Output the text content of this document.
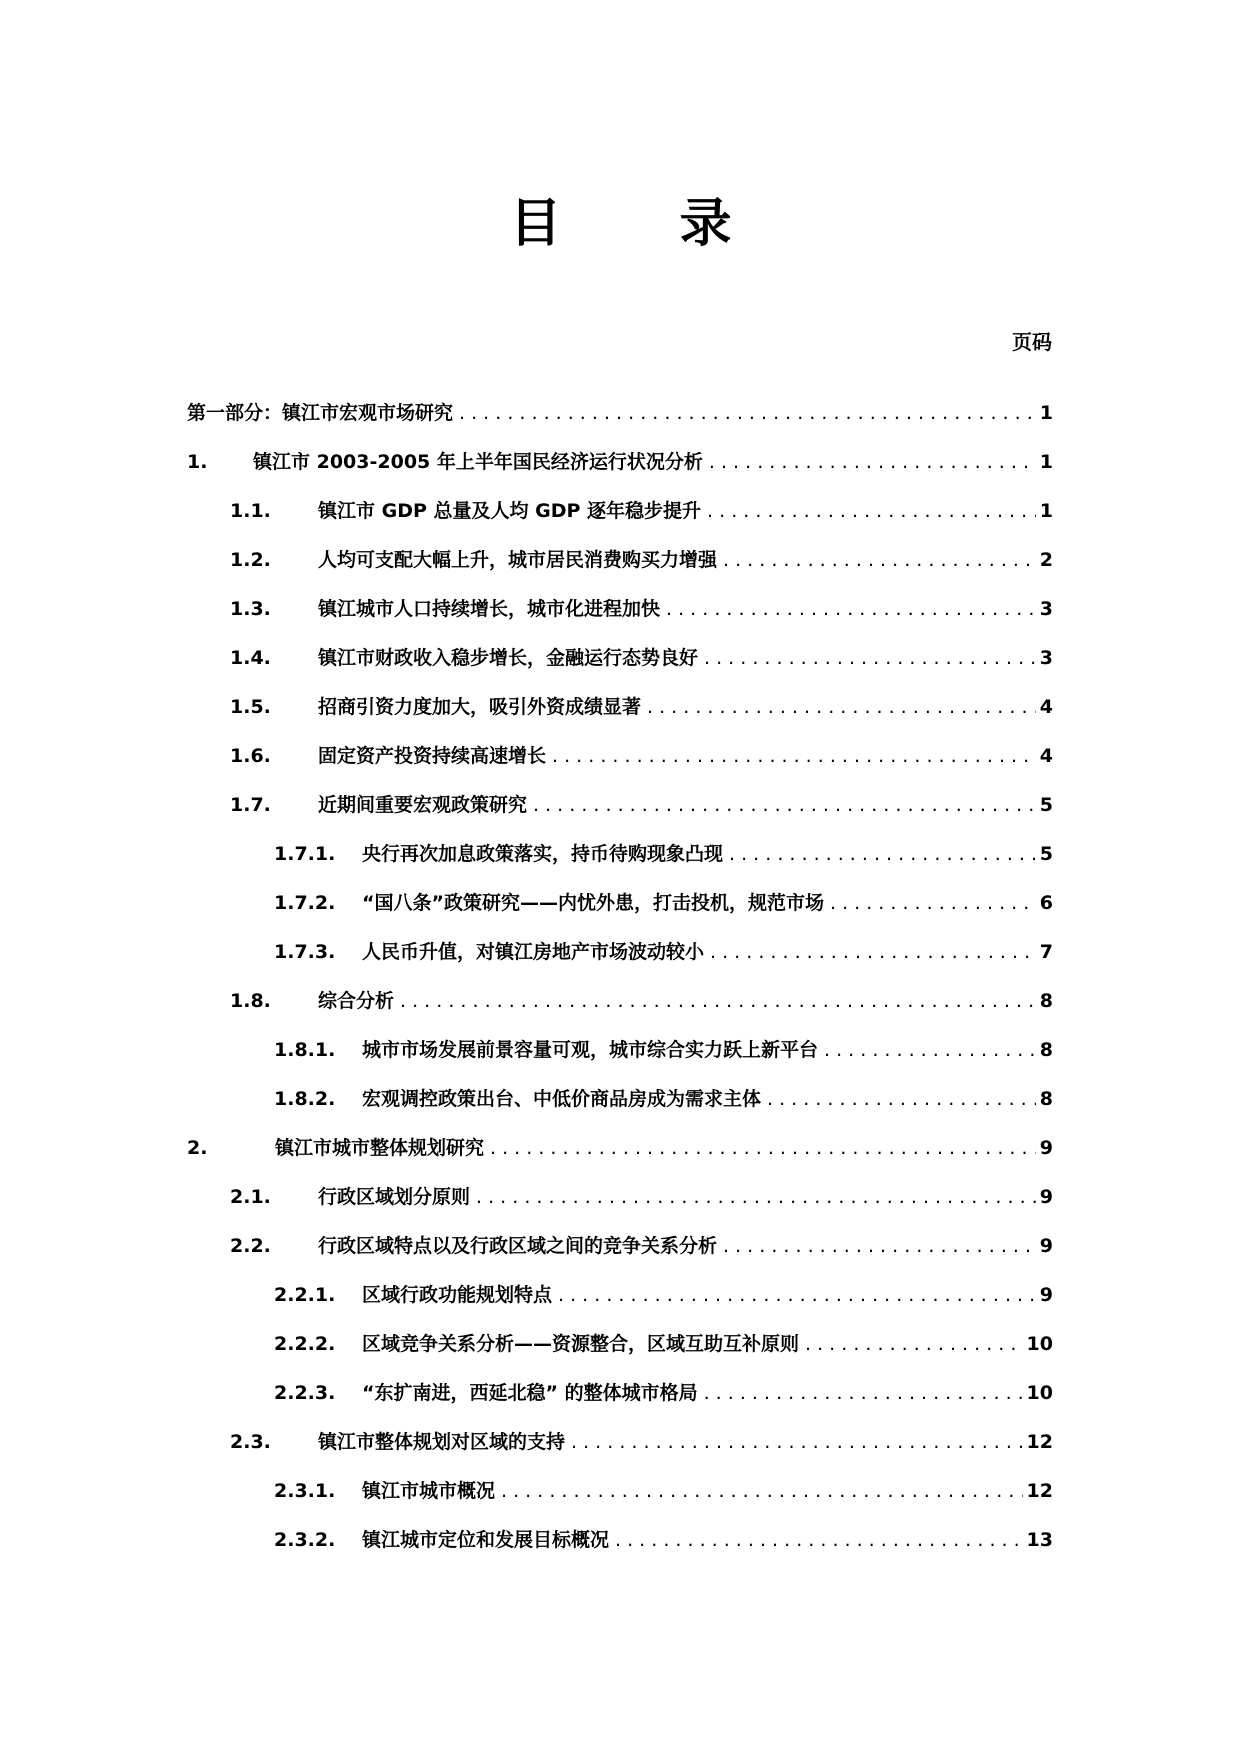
目 录
页码
第一部分：镇江市宏观市场研究 . . .	1
1.	镇江市 2003-2005 年上半年国民经济运行状况分析 . . .	1
1.1.	镇江市 GDP 总量及人均 GDP 逐年稳步提升 . . .	1
1.2.	人均可支配大幅上升，城市居民消费购买力增强 . . .	2
1.3.	镇江城市人口持续增长，城市化进程加快 . . .	3
1.4.	镇江市财政收入稳步增长，金融运行态势良好 . . .	3
1.5.	招商引资力度加大，吸引外资成绩显著 . . .	4
1.6.	固定资产投资持续高速增长 . . .	4
1.7.	近期间重要宏观政策研究 . . .	5
1.7.1.	央行再次加息政策落实，持币待购现象凸现 . . .	5
1.7.2.	“国八条”政策研究——内忧外患，打击投机，规范市场 . . .	6
1.7.3.	人民币升值，对镇江房地产市场波动较小 . . .	7
1.8.	综合分析 . . .	8
1.8.1.	城市市场发展前景容量可观，城市综合实力跃上新平台 . . .	8
1.8.2.	宏观调控政策出台、中低价商品房成为需求主体 . . .	8
2.	镇江市城市整体规划研究 . . .	9
2.1.	行政区域划分原则 . . .	9
2.2.	行政区域特点以及行政区域之间的竞争关系分析 . . .	9
2.2.1.	区域行政功能规划特点 . . .	9
2.2.2.	区域竞争关系分析——资源整合，区域互助互补原则 . . .	10
2.2.3.	“东扩南进，西延北稳” 的整体城市格局 . . .	10
2.3.	镇江市整体规划对区域的支持 . . .	12
2.3.1.	镇江市城市概况 . . .	12
2.3.2.	镇江城市定位和发展目标概况 . . .	13
